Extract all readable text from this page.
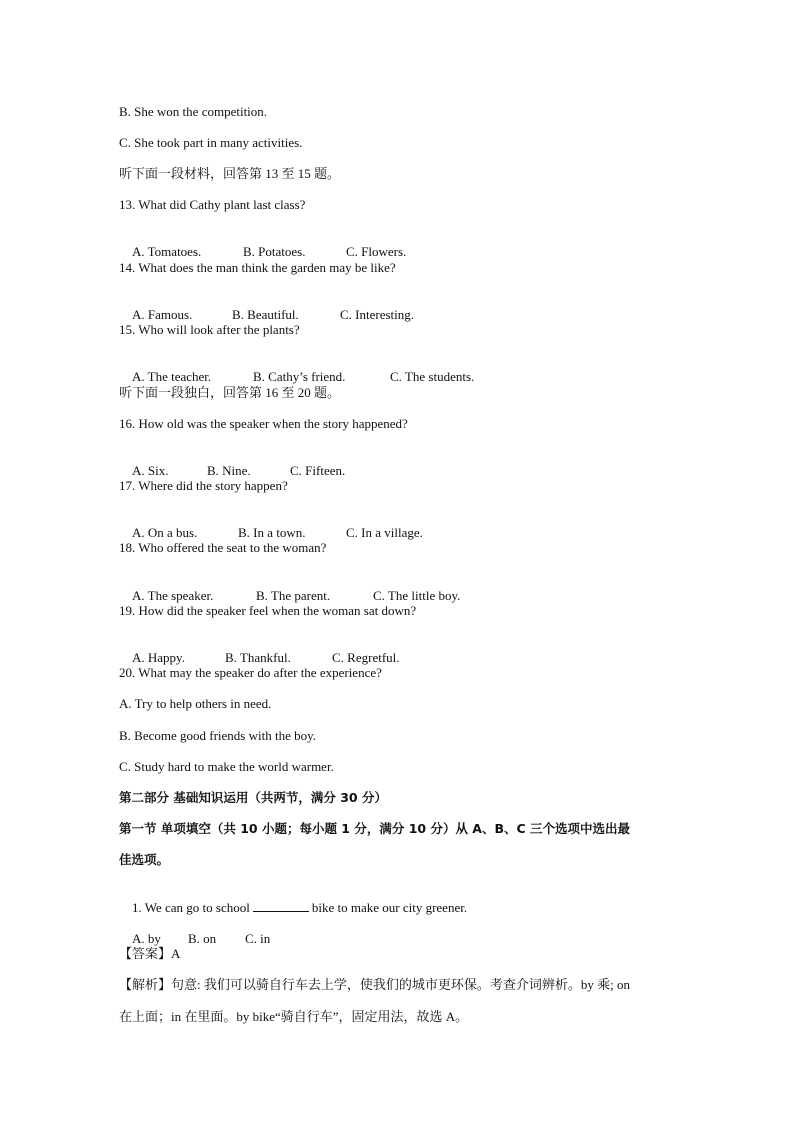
B. She won the competition.
C. She took part in many activities.
听下面一段材料，回答第 13 至 15 题。
13. What did Cathy plant last class?

A. Tomatoes.	B. Potatoes.	C. Flowers.

14. What does the man think the garden may be like?

A. Famous.	B. Beautiful.	C. Interesting.

15. Who will look after the plants?

A. The teacher.	B. Cathy’s friend.	C. The students.

听下面一段独白，回答第 16 至 20 题。
16. How old was the speaker when the story happened?

A. Six.	B. Nine.	C. Fifteen.

17. Where did the story happen?

A. On a bus.	B. In a town.	C. In a village.

18. Who offered the seat to the woman?

A. The speaker.	B. The parent.	C. The little boy.

19. How did the speaker feel when the woman sat down?

A. Happy.	B. Thankful.	C. Regretful.

20. What may the speaker do after the experience?
A. Try to help others in need.
B. Become good friends with the boy.
C. Study hard to make the world warmer.
第二部分 基础知识运用（共两节，满分 30 分）
第一节 单项填空（共 10 小题；每小题 1 分，满分 10 分）从 A、B、C 三个选项中选出最
佳选项。

1. We can go to school	bike to make our city greener.

A. by B. on C. in

【答案】A
【解析】句意: 我们可以骑自行车去上学，使我们的城市更环保。考查介词辨析。by 乘; on
在上面；in 在里面。by bike“骑自行车”，固定用法，故选 A。
